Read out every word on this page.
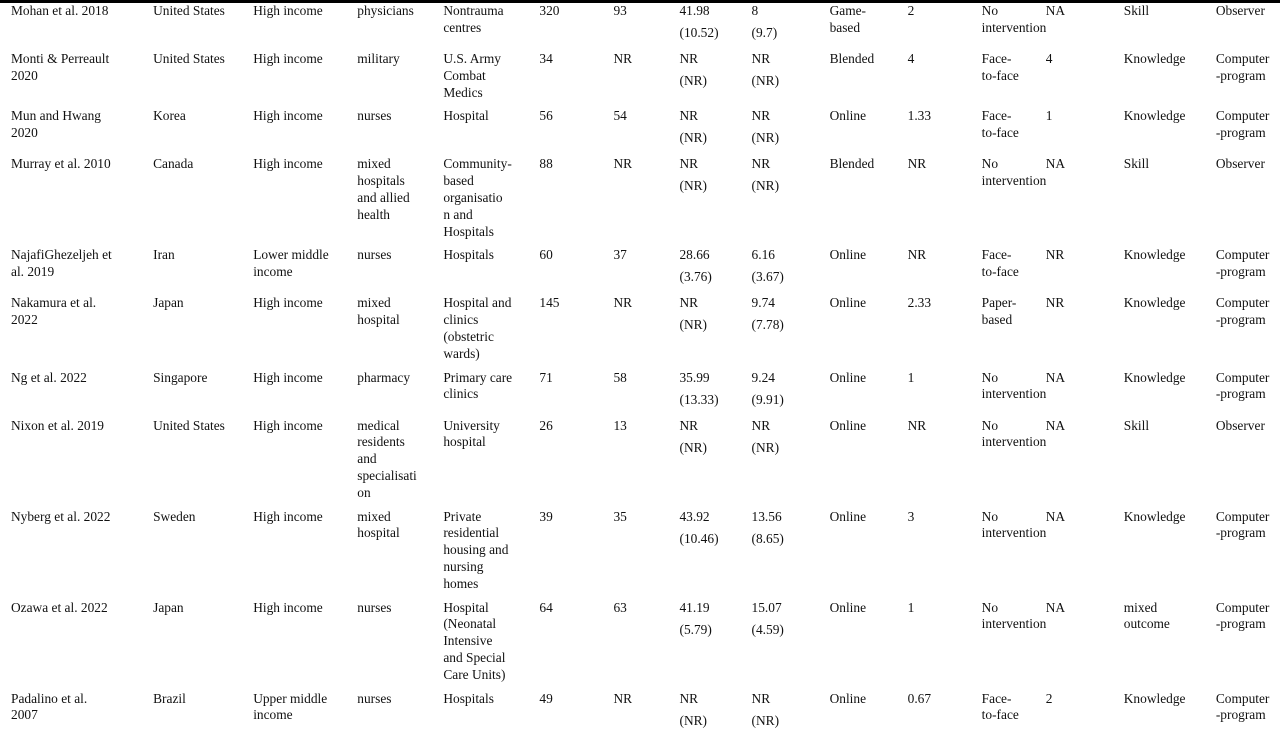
Mohan et al. 2018	United States	High income	physicians	Nontrauma
centres	320	93	41.98
(10.52)	8
(9.7)	Game-
based	2	No
intervention	NA	Skill	Observer

Monti & Perreault
2020	United States	High income	military	U.S. Army
Combat
Medics	34	NR	NR
(NR)	NR
(NR)	Blended	4	Face-
to-face	4	Knowledge	Computer
-program

Mun and Hwang
2020	Korea	High income	nurses	Hospital	56	54	NR
(NR)	NR
(NR)	Online	1.33	Face-
to-face	1	Knowledge	Computer
-program

Murray et al. 2010	Canada	High income	mixed
hospitals
and allied
health	Community-
based
organisatio
n and
Hospitals	88	NR	NR
(NR)	NR
(NR)	Blended	NR	No
intervention	NA	Skill	Observer

NajafiGhezeljeh et
al. 2019	Iran	Lower middle
income	nurses	Hospitals	60	37	28.66
(3.76)	6.16
(3.67)	Online	NR	Face-
to-face	NR	Knowledge	Computer
-program

Nakamura et al.
2022	Japan	High income	mixed
hospital	Hospital and
clinics
(obstetric
wards)	145	NR	NR
(NR)	9.74
(7.78)	Online	2.33	Paper-
based	NR	Knowledge	Computer
-program

Ng et al. 2022	Singapore	High income	pharmacy	Primary care
clinics	71	58	35.99
(13.33)	9.24
(9.91)	Online	1	No
intervention	NA	Knowledge	Computer
-program

Nixon et al. 2019	United States	High income	medical
residents
and
specialisati
on	University
hospital	26	13	NR
(NR)	NR
(NR)	Online	NR	No
intervention	NA	Skill	Observer

Nyberg et al. 2022	Sweden	High income	mixed
hospital	Private
residential
housing and
nursing
homes	39	35	43.92
(10.46)	13.56
(8.65)	Online	3	No
intervention	NA	Knowledge	Computer
-program

Ozawa et al. 2022	Japan	High income	nurses	Hospital
(Neonatal
Intensive
and Special
Care Units)	64	63	41.19
(5.79)	15.07
(4.59)	Online	1	No
intervention	NA	mixed
outcome	Computer
-program

Padalino et al.
2007	Brazil	Upper middle
income	nurses	Hospitals	49	NR	NR
(NR)	NR
(NR)	Online	0.67	Face-
to-face	2	Knowledge	Computer
-program
